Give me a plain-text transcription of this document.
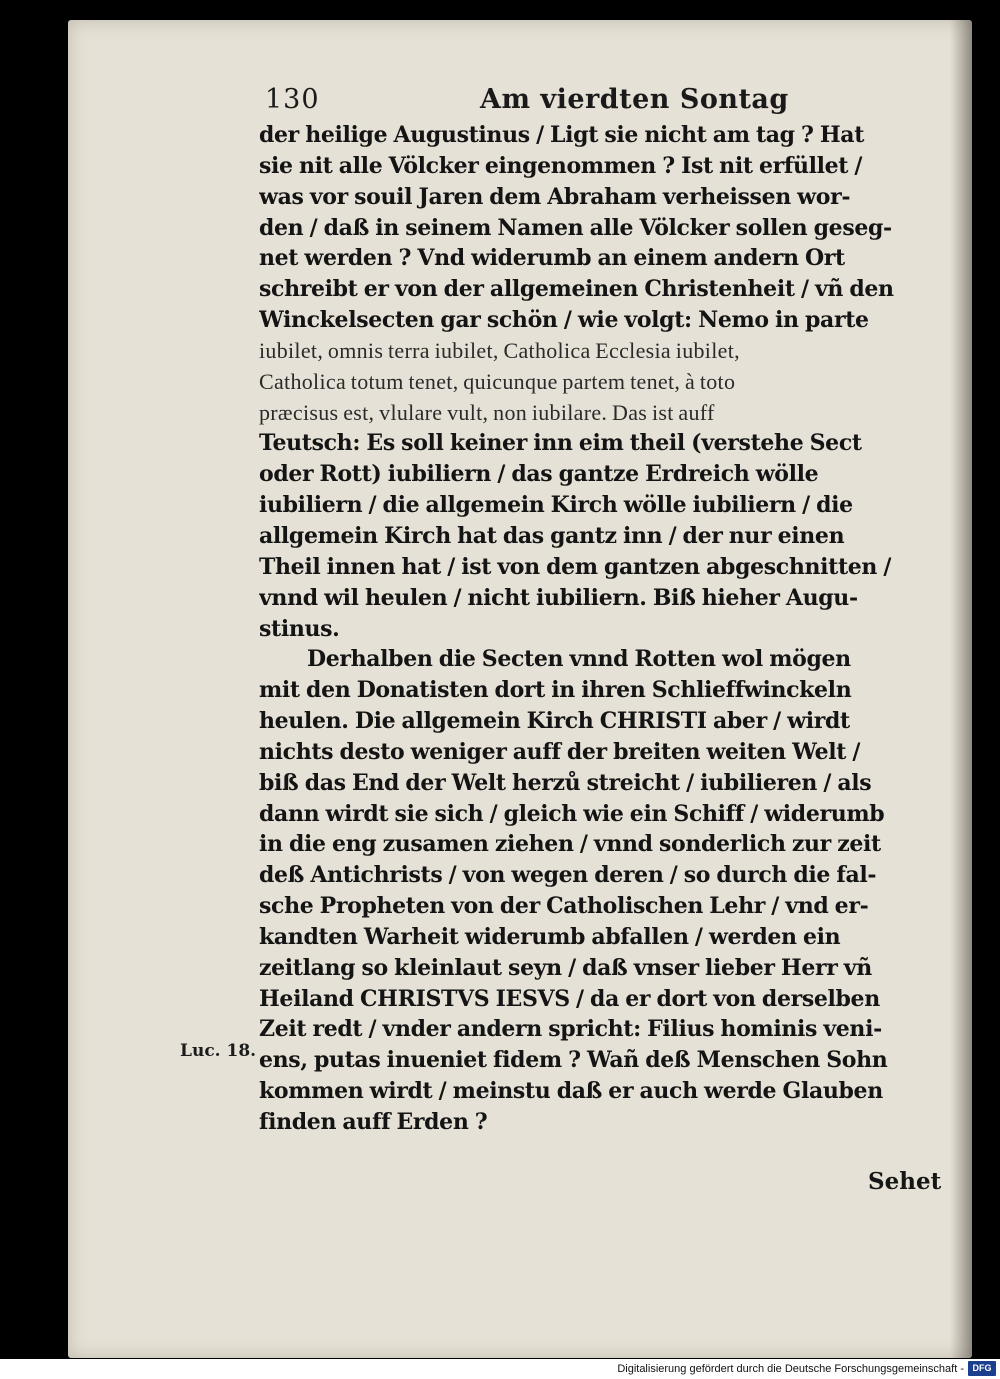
130	Am vierdten Sontag
der heilige Augustinus / Ligt sie nicht am tag ? Hat
sie nit alle Völcker eingenommen ? Ist nit erfüllet /
was vor souil Jaren dem Abraham verheissen wor-
den / daß in seinem Namen alle Völcker sollen geseg-
net werden ? Vnd widerumb an einem andern Ort
schreibt er von der allgemeinen Christenheit / vñ den
Winckelsecten gar schön / wie volgt: Nemo in parte
iubilet, omnis terra iubilet, Catholica Ecclesia iubilet,
Catholica totum tenet, quicunque partem tenet, à toto
præcisus est, vlulare vult, non iubilare. Das ist auff
Teutsch: Es soll keiner inn eim theil (verstehe Sect
oder Rott) iubiliern / das gantze Erdreich wölle
iubiliern / die allgemein Kirch wölle iubiliern / die
allgemein Kirch hat das gantz inn / der nur einen
Theil innen hat / ist von dem gantzen abgeschnitten /
vnnd wil heulen / nicht iubiliern. Biß hieher Augu-
stinus.
Derhalben die Secten vnnd Rotten wol mögen
mit den Donatisten dort in ihren Schlieffwinckeln
heulen. Die allgemein Kirch CHRISTI aber / wirdt
nichts desto weniger auff der breiten weiten Welt /
biß das End der Welt herzů streicht / iubilieren / als
dann wirdt sie sich / gleich wie ein Schiff / widerumb
in die eng zusamen ziehen / vnnd sonderlich zur zeit
deß Antichrists / von wegen deren / so durch die fal-
sche Propheten von der Catholischen Lehr / vnd er-
kandten Warheit widerumb abfallen / werden ein
zeitlang so kleinlaut seyn / daß vnser lieber Herr vñ
Heiland CHRISTVS IESVS / da er dort von derselben
Zeit redt / vnder andern spricht: Filius hominis veni-
ens, putas inueniet fidem ? Wañ deß Menschen Sohn
kommen wirdt / meinstu daß er auch werde Glauben
finden auff Erden ?
Luc. 18.
Sehet
Digitalisierung gefördert durch die Deutsche Forschungsgemeinschaft - DFG
